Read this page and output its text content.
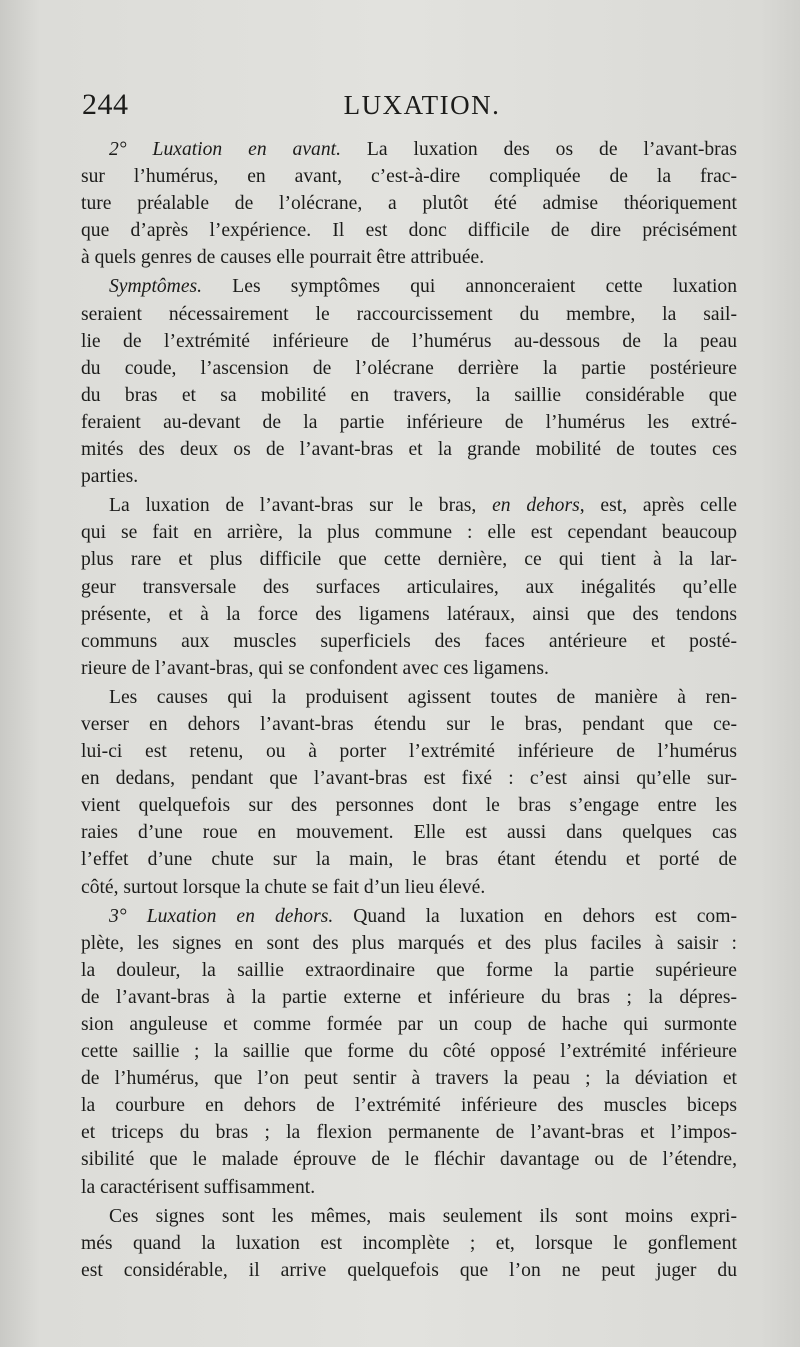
244	LUXATION.
2° Luxation en avant. La luxation des os de l’avant-bras
sur l’humérus, en avant, c’est-à-dire compliquée de la frac-
ture préalable de l’olécrane, a plutôt été admise théoriquement
que d’après l’expérience. Il est donc difficile de dire précisément
à quels genres de causes elle pourrait être attribuée.
Symptômes. Les symptômes qui annonceraient cette luxation
seraient nécessairement le raccourcissement du membre, la sail-
lie de l’extrémité inférieure de l’humérus au-dessous de la peau
du coude, l’ascension de l’olécrane derrière la partie postérieure
du bras et sa mobilité en travers, la saillie considérable que
feraient au-devant de la partie inférieure de l’humérus les extré-
mités des deux os de l’avant-bras et la grande mobilité de toutes ces
parties.
La luxation de l’avant-bras sur le bras, en dehors, est, après celle
qui se fait en arrière, la plus commune : elle est cependant beaucoup
plus rare et plus difficile que cette dernière, ce qui tient à la lar-
geur transversale des surfaces articulaires, aux inégalités qu’elle
présente, et à la force des ligamens latéraux, ainsi que des tendons
communs aux muscles superficiels des faces antérieure et posté-
rieure de l’avant-bras, qui se confondent avec ces ligamens.
Les causes qui la produisent agissent toutes de manière à ren-
verser en dehors l’avant-bras étendu sur le bras, pendant que ce-
lui-ci est retenu, ou à porter l’extrémité inférieure de l’humérus
en dedans, pendant que l’avant-bras est fixé : c’est ainsi qu’elle sur-
vient quelquefois sur des personnes dont le bras s’engage entre les
raies d’une roue en mouvement. Elle est aussi dans quelques cas
l’effet d’une chute sur la main, le bras étant étendu et porté de
côté, surtout lorsque la chute se fait d’un lieu élevé.
3° Luxation en dehors. Quand la luxation en dehors est com-
plète, les signes en sont des plus marqués et des plus faciles à saisir :
la douleur, la saillie extraordinaire que forme la partie supérieure
de l’avant-bras à la partie externe et inférieure du bras ; la dépres-
sion anguleuse et comme formée par un coup de hache qui surmonte
cette saillie ; la saillie que forme du côté opposé l’extrémité inférieure
de l’humérus, que l’on peut sentir à travers la peau ; la déviation et
la courbure en dehors de l’extrémité inférieure des muscles biceps
et triceps du bras ; la flexion permanente de l’avant-bras et l’impos-
sibilité que le malade éprouve de le fléchir davantage ou de l’étendre,
la caractérisent suffisamment.
Ces signes sont les mêmes, mais seulement ils sont moins expri-
més quand la luxation est incomplète ; et, lorsque le gonflement
est considérable, il arrive quelquefois que l’on ne peut juger du
